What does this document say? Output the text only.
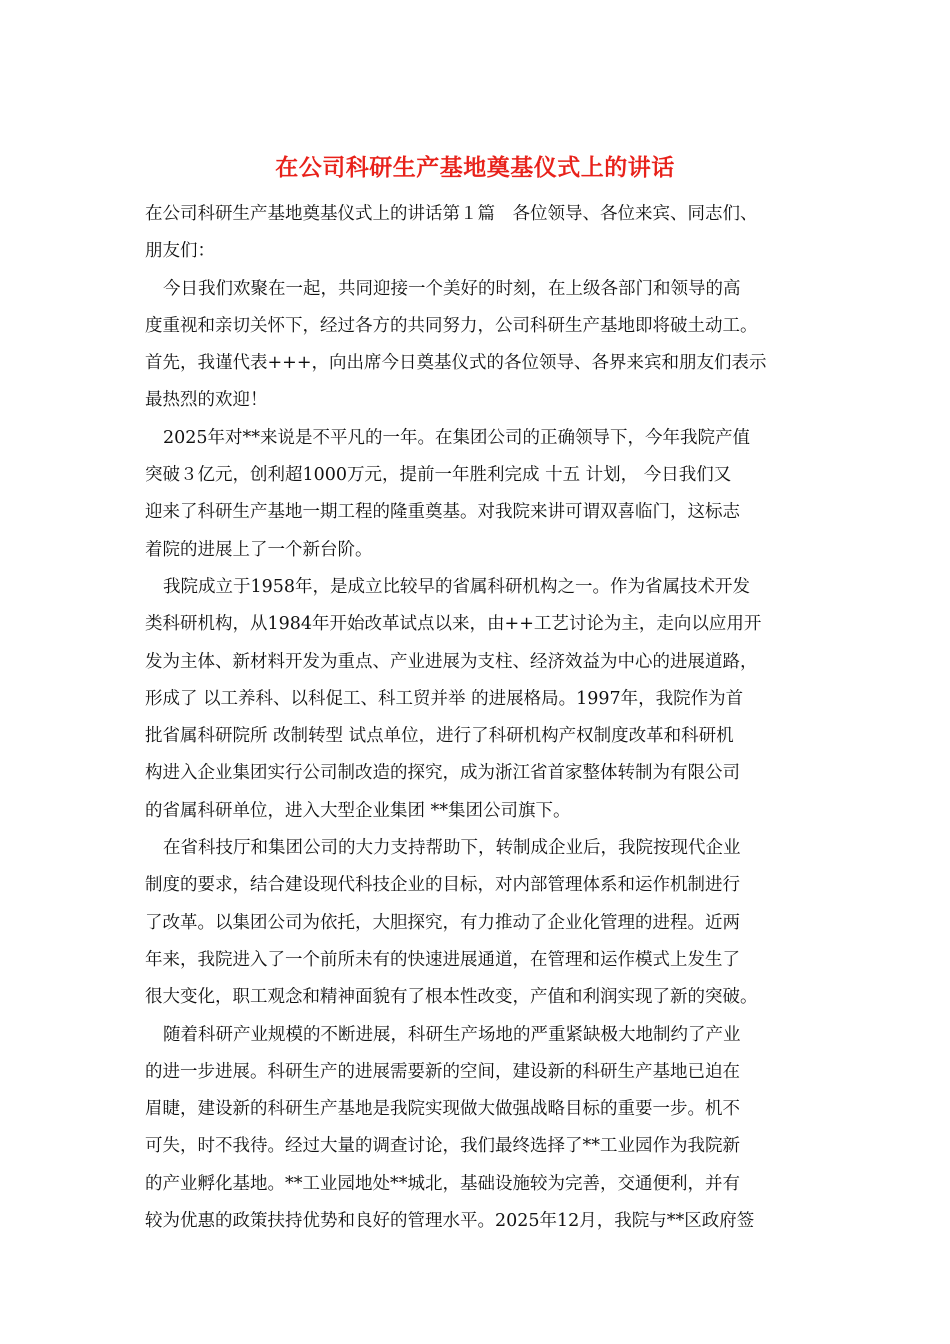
在公司科研生产基地奠基仪式上的讲话
在公司科研生产基地奠基仪式上的讲话第１篇　各位领导、各位来宾、同志们、
朋友们：
今日我们欢聚在一起，共同迎接一个美好的时刻，在上级各部门和领导的高
度重视和亲切关怀下，经过各方的共同努力，公司科研生产基地即将破土动工。
首先，我谨代表+++，向出席今日奠基仪式的各位领导、各界来宾和朋友们表示
最热烈的欢迎！
2025年对**来说是不平凡的一年。在集团公司的正确领导下，今年我院产值
突破３亿元，创利超1000万元，提前一年胜利完成 十五 计划， 今日我们又
迎来了科研生产基地一期工程的隆重奠基。对我院来讲可谓双喜临门，这标志
着院的进展上了一个新台阶。
我院成立于1958年，是成立比较早的省属科研机构之一。作为省属技术开发
类科研机构，从1984年开始改革试点以来，由++工艺讨论为主，走向以应用开
发为主体、新材料开发为重点、产业进展为支柱、经济效益为中心的进展道路，
形成了 以工养科、以科促工、科工贸并举 的进展格局。1997年，我院作为首
批省属科研院所 改制转型 试点单位，进行了科研机构产权制度改革和科研机
构进入企业集团实行公司制改造的探究，成为浙江省首家整体转制为有限公司
的省属科研单位，进入大型企业集团 **集团公司旗下。
在省科技厅和集团公司的大力支持帮助下，转制成企业后，我院按现代企业
制度的要求，结合建设现代科技企业的目标，对内部管理体系和运作机制进行
了改革。以集团公司为依托，大胆探究，有力推动了企业化管理的进程。近两
年来，我院进入了一个前所未有的快速进展通道，在管理和运作模式上发生了
很大变化，职工观念和精神面貌有了根本性改变，产值和利润实现了新的突破。
随着科研产业规模的不断进展，科研生产场地的严重紧缺极大地制约了产业
的进一步进展。科研生产的进展需要新的空间，建设新的科研生产基地已迫在
眉睫，建设新的科研生产基地是我院实现做大做强战略目标的重要一步。机不
可失，时不我待。经过大量的调查讨论，我们最终选择了**工业园作为我院新
的产业孵化基地。**工业园地处**城北，基础设施较为完善，交通便利，并有
较为优惠的政策扶持优势和良好的管理水平。2025年12月，我院与**区政府签
